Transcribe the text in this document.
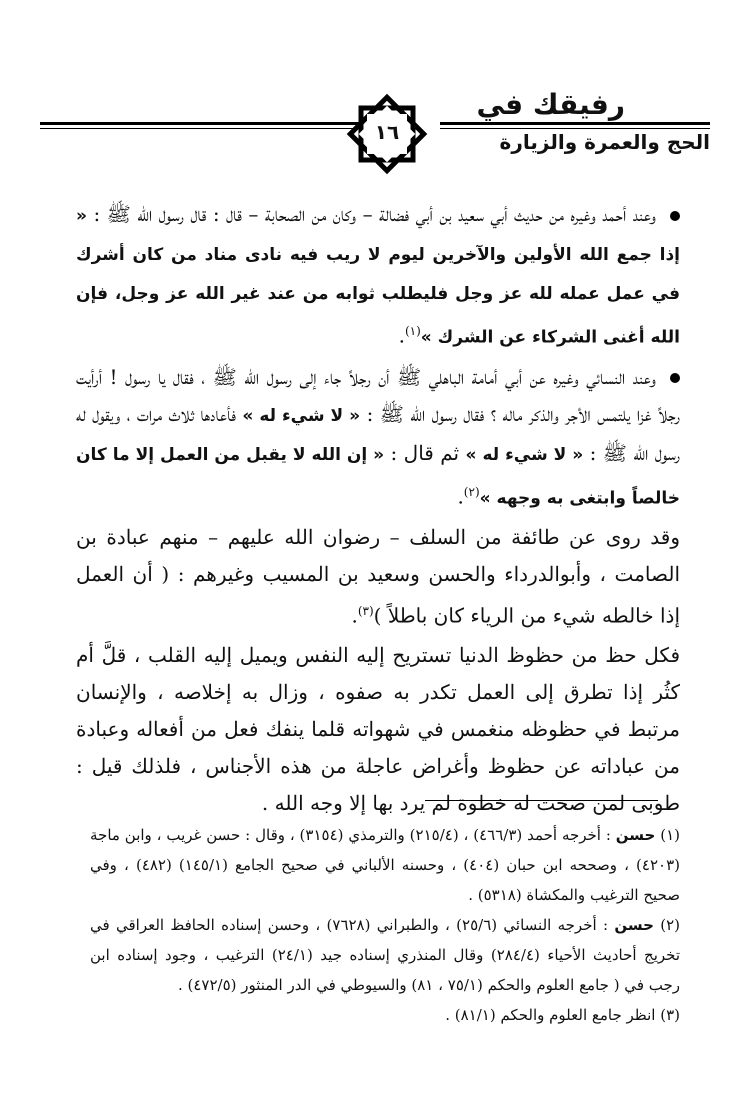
رفيقك في
الحج والعمرة والزيارة
١٦

وعند أحمد وغيره من حديث أبي سعيد بن أبي فضالة – وكان من الصحابة – قال : قال رسول الله ﷺ : « إذا جمع الله الأولين والآخرين ليوم لا ريب فيه نادى مناد من كان أشرك في عمل عمله لله عز وجل فليطلب ثوابه من عند غير الله عز وجل، فإن الله أغنى الشركاء عن الشرك »$^{(١)}$.

وعند النسائي وغيره عن أبي أمامة الباهلي ﷺ أن رجلاً جاء إلى رسول الله ﷺ ، فقال يا رسول ! أرأيت رجلاً غزا يلتمس الأجر والذكر ماله ؟ فقال رسول الله ﷺ : « لا شيء له » فأعادها ثلاث مرات ، ويقول له رسول الله ﷺ : « لا شيء له » ثم قال : « إن الله لا يقبل من العمل إلا ما كان خالصاً وابتغى به وجهه »$^{(٢)}$.

وقد روى عن طائفة من السلف – رضوان الله عليهم – منهم عبادة بن الصامت ، وأبوالدرداء والحسن وسعيد بن المسيب وغيرهم : ( أن العمل إذا خالطه شيء من الرياء كان باطلاً )$^{(٣)}$.

فكل حظ من حظوظ الدنيا تستريح إليه النفس ويميل إليه القلب ، قلَّ أم كثُر إذا تطرق إلى العمل تكدر به صفوه ، وزال به إخلاصه ، والإنسان مرتبط في حظوظه منغمس في شهواته قلما ينفك فعل من أفعاله وعبادة من عباداته عن حظوظ وأغراض عاجلة من هذه الأجناس ، فلذلك قيل : طوبى لمن صحت له خطوة لم يرد بها إلا وجه الله .

(١) حسن : أخرجه أحمد (٤٦٦/٣) ، (٢١٥/٤) والترمذي (٣١٥٤) ، وقال : حسن غريب ، وابن ماجة (٤٢٠٣) ، وصححه ابن حبان (٤٠٤) ، وحسنه الألباني في صحيح الجامع (١٤٥/١) (٤٨٢) ، وفي صحيح الترغيب والمكشاة (٥٣١٨) .

(٢) حسن : أخرجه النسائي (٢٥/٦) ، والطبراني (٧٦٢٨) ، وحسن إسناده الحافظ العراقي في تخريج أحاديث الأحياء (٢٨٤/٤) وقال المنذري إسناده جيد (٢٤/١) الترغيب ، وجود إسناده ابن رجب في ( جامع العلوم والحكم (٧٥/١ ، ٨١) والسيوطي في الدر المنثور (٤٧٢/٥) .

(٣) انظر جامع العلوم والحكم (٨١/١) .
